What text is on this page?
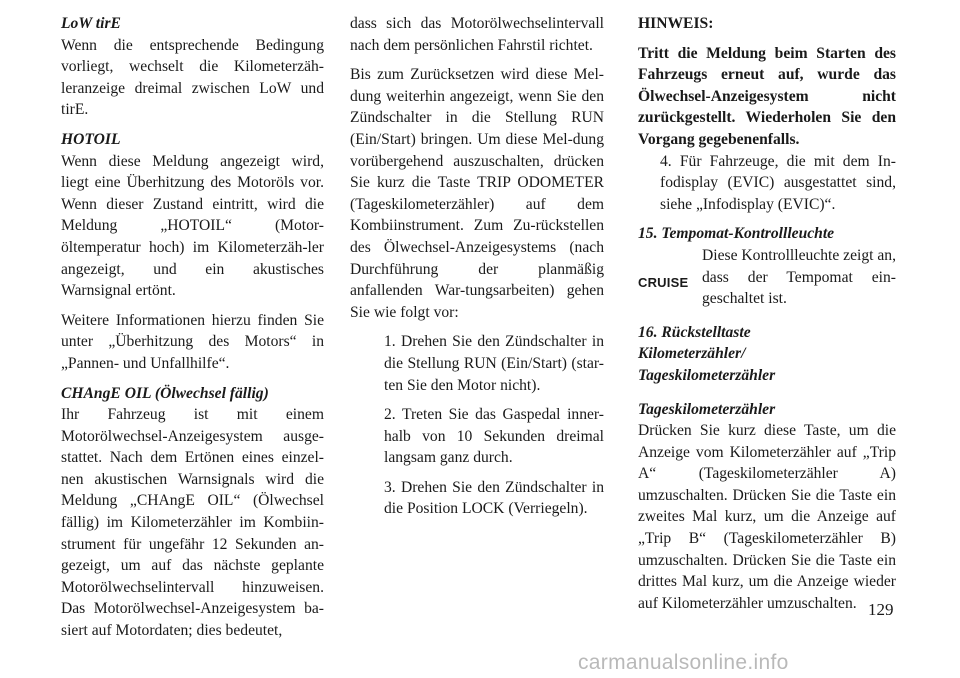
LoW tirE

Wenn die entsprechende Bedingung vorliegt, wechselt die Kilometerzäh-leranzeige dreimal zwischen LoW und tirE.

HOTOIL

Wenn diese Meldung angezeigt wird, liegt eine Überhitzung des Motoröls vor. Wenn dieser Zustand eintritt, wird die Meldung „HOTOIL“ (Motor-öltemperatur hoch) im Kilometerzäh-ler angezeigt, und ein akustisches Warnsignal ertönt.

Weitere Informationen hierzu finden Sie unter „Überhitzung des Motors“ in „Pannen- und Unfallhilfe“.

CHAngE OIL (Ölwechsel fällig)

Ihr Fahrzeug ist mit einem Motorölwechsel-Anzeigesystem ausge-stattet. Nach dem Ertönen eines einzel-nen akustischen Warnsignals wird die Meldung „CHAngE OIL“ (Ölwechsel fällig) im Kilometerzähler im Kombiin-strument für ungefähr 12 Sekunden an-gezeigt, um auf das nächste geplante Motorölwechselintervall hinzuweisen. Das Motorölwechsel-Anzeigesystem ba-siert auf Motordaten; dies bedeutet,

dass sich das Motorölwechselintervall nach dem persönlichen Fahrstil richtet.

Bis zum Zurücksetzen wird diese Mel-dung weiterhin angezeigt, wenn Sie den Zündschalter in die Stellung RUN (Ein/Start) bringen. Um diese Mel-dung vorübergehend auszuschalten, drücken Sie kurz die Taste TRIP ODOMETER (Tageskilometerzähler) auf dem Kombiinstrument. Zum Zu-rückstellen des Ölwechsel-Anzeigesystems (nach Durchführung der planmäßig anfallenden War-tungsarbeiten) gehen Sie wie folgt vor:

1. Drehen Sie den Zündschalter in die Stellung RUN (Ein/Start) (star-ten Sie den Motor nicht).

2. Treten Sie das Gaspedal inner-halb von 10 Sekunden dreimal langsam ganz durch.

3. Drehen Sie den Zündschalter in die Position LOCK (Verriegeln).

HINWEIS:

Tritt die Meldung beim Starten des Fahrzeugs erneut auf, wurde das Ölwechsel-Anzeigesystem nicht zurückgestellt. Wiederholen Sie den Vorgang gegebenenfalls.

4. Für Fahrzeuge, die mit dem In-fodisplay (EVIC) ausgestattet sind, siehe „Infodisplay (EVIC)“.

15. Tempomat-Kontrollleuchte

CRUISE

Diese Kontrollleuchte zeigt an, dass der Tempomat ein-geschaltet ist.

16. Rückstelltaste

Kilometerzähler/

Tageskilometerzähler

Tageskilometerzähler

Drücken Sie kurz diese Taste, um die Anzeige vom Kilometerzähler auf „Trip A“ (Tageskilometerzähler A) umzuschalten. Drücken Sie die Taste ein zweites Mal kurz, um die Anzeige auf „Trip B“ (Tageskilometerzähler B) umzuschalten. Drücken Sie die Taste ein drittes Mal kurz, um die Anzeige wieder auf Kilometerzähler umzuschalten. 129
carmanualsonline.info
